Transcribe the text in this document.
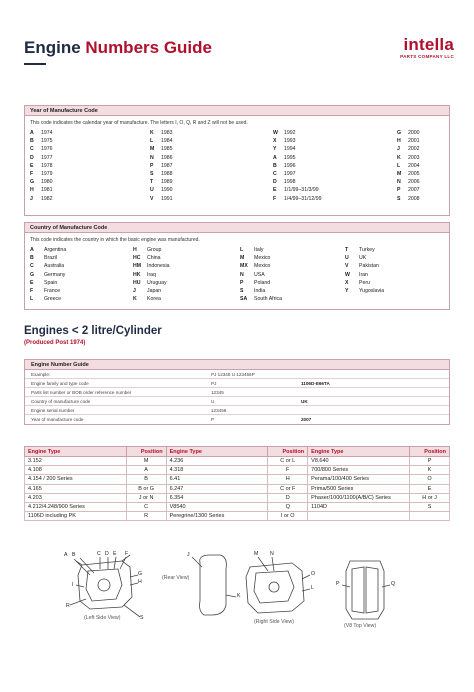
Engine Numbers Guide	intella
PARTS COMPANY LLC
Year of Manufacture Code
This code indicates the calendar year of manufacture. The letters I, O, Q, R and Z will not be used.
A 1974
B 1975
C 1976
D 1977
E 1978
F 1979
G 1980
H 1981
J 1982
K 1983
L 1984
M 1985
N 1986
P 1987
S 1988
T 1989
U 1990
V 1991
W 1992
X 1993
Y 1994
A 1995
B 1996
C 1997
D 1998
E 1/1/99–31/3/99
F 1/4/99–31/12/99
G 2000
H 2001
J 2002
K 2003
L 2004
M 2005
N 2006
P 2007
S 2008
Country of Manufacture Code
This code indicates the country in which the basic engine was manufactured.
A Argentina
B Brazil
C Australia
G Germany
E Spain
F France
L Greece
H Group
HC China
HM Indonesia
HK Iraq
HU Uruguay
J Japan
K Korea
L Italy
M Mexico
MX Mexico
N USA
P Poland
S India
SA South Africa
T Turkey
U UK
V Pakistan
W Iran
X Peru
Y Yugoslavia
Engines < 2 litre/Cylinder
(Produced Post 1974)
Engine Number Guide
Example:	PJ 12345 U 123456P
Engine family and type code	PJ	1106D-E66TA
Parts list number or BOB order reference number	12345
Country of manufacture code	U	UK
Engine serial number	123456
Year of manufacture code	P	2007
Engine Type	Position	Engine Type	Position	Engine Type	Position
3.152	M	4.236	C or L	V8.640	P
4.108	A	4.318	F	700/800 Series	K
4.154 / 200 Series	B	6.41	H	Perama/100/400 Series	O
4.165	B or G	6.247	C or F	Prima/500 Series	E
4.203	J or N	6.354	D	Phaser/1000/1100(A/B/C) Series	H or J
4.212/4.248/900 Series	C	V8540	Q	1104D	S
1106D including PK	R	Peregrine/1300 Series	I or O		
A B	C D E F
G
H
I
R
S
(Left Side View)
J
K
(Rear View)
M N
O
L
(Right Side View)
P	Q
(V8 Top View)
